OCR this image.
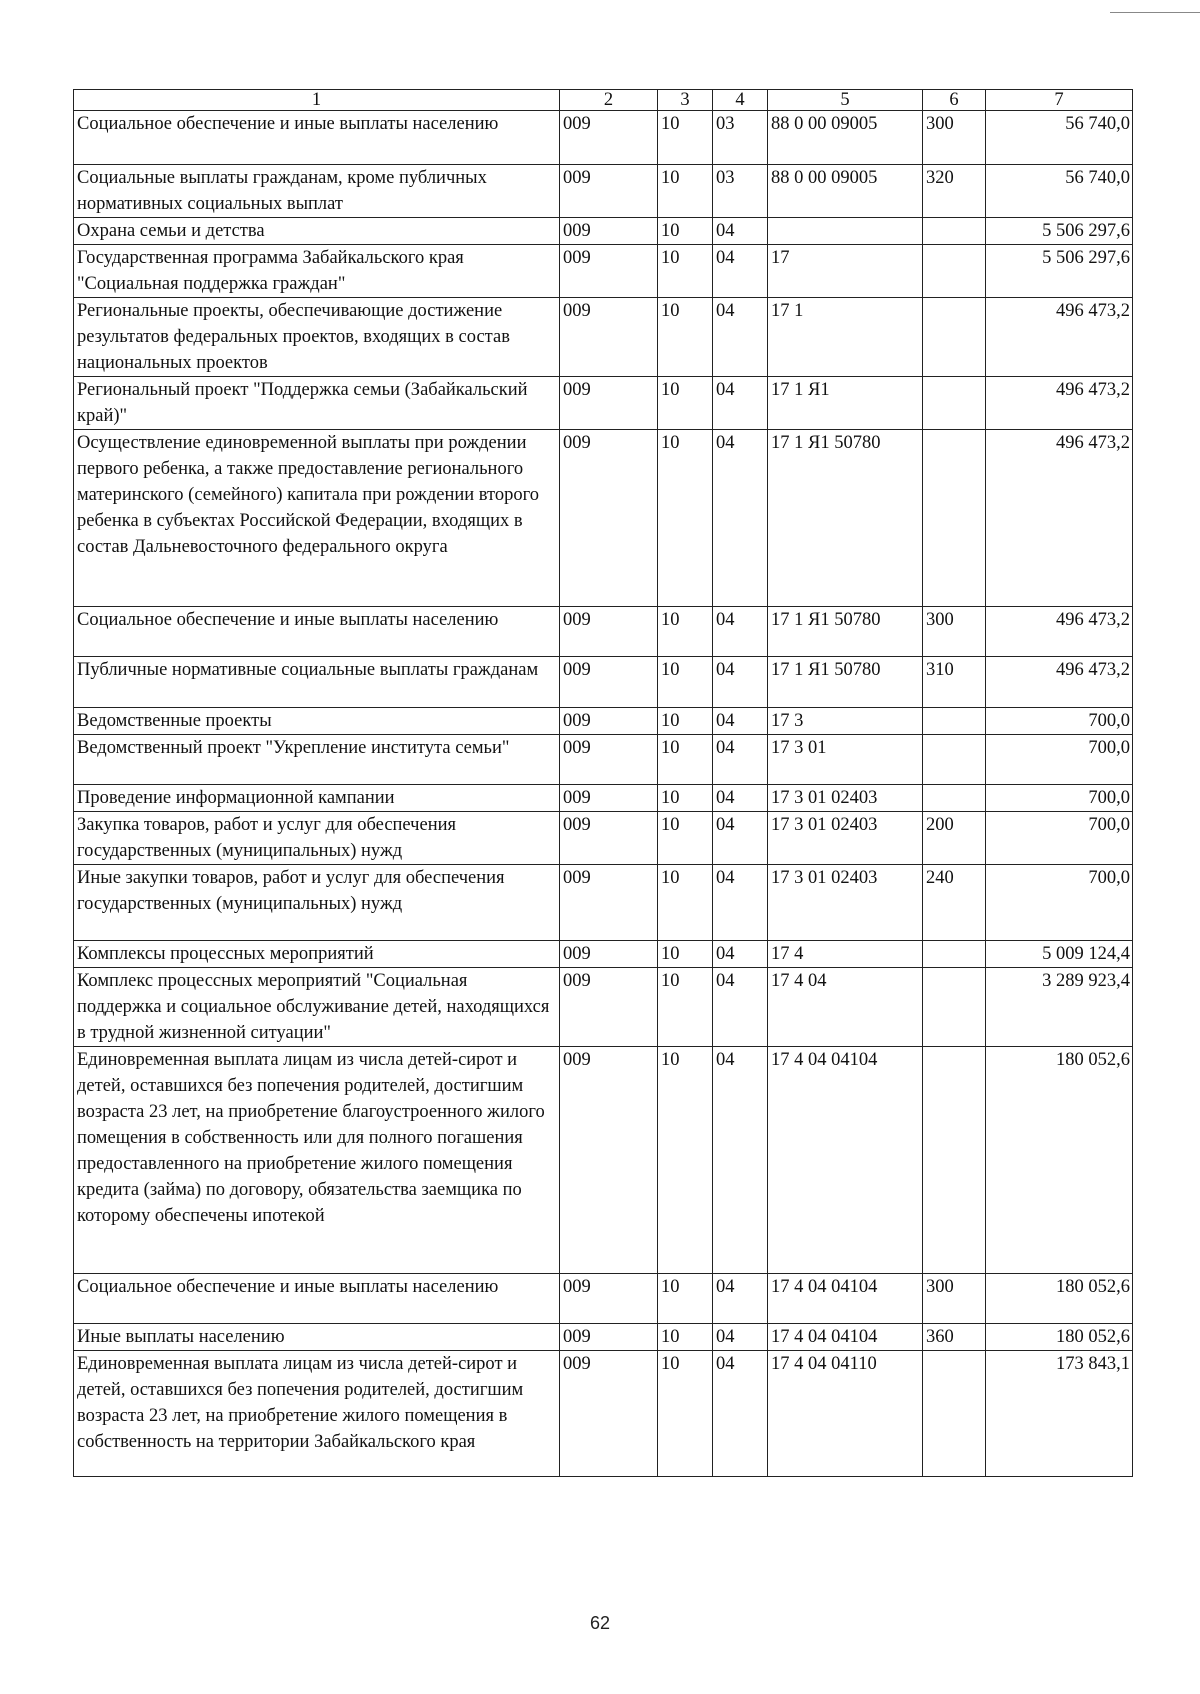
1	2	3	4	5	6	7
Социальное обеспечение и иные выплаты населению	009	10	03	88 0 00 09005	300	56 740,0
Социальные выплаты гражданам, кроме публичных нормативных социальных выплат	009	10	03	88 0 00 09005	320	56 740,0
Охрана семьи и детства	009	10	04			5 506 297,6
Государственная программа Забайкальского края "Социальная поддержка граждан"	009	10	04	17		5 506 297,6
Региональные проекты, обеспечивающие достижение результатов федеральных проектов, входящих в состав национальных проектов	009	10	04	17 1		496 473,2
Региональный проект "Поддержка семьи (Забайкальский край)"	009	10	04	17 1 Я1		496 473,2
Осуществление единовременной выплаты при рождении первого ребенка, а также предоставление регионального материнского (семейного) капитала при рождении второго ребенка в субъектах Российской Федерации, входящих в состав Дальневосточного федерального округа	009	10	04	17 1 Я1 50780		496 473,2
Социальное обеспечение и иные выплаты населению	009	10	04	17 1 Я1 50780	300	496 473,2
Публичные нормативные социальные выплаты гражданам	009	10	04	17 1 Я1 50780	310	496 473,2
Ведомственные проекты	009	10	04	17 3		700,0
Ведомственный проект "Укрепление института семьи"	009	10	04	17 3 01		700,0
Проведение информационной кампании	009	10	04	17 3 01 02403		700,0
Закупка товаров, работ и услуг для обеспечения государственных (муниципальных) нужд	009	10	04	17 3 01 02403	200	700,0
Иные закупки товаров, работ и услуг для обеспечения государственных (муниципальных) нужд	009	10	04	17 3 01 02403	240	700,0
Комплексы процессных мероприятий	009	10	04	17 4		5 009 124,4
Комплекс процессных мероприятий "Социальная поддержка и социальное обслуживание детей, находящихся в трудной жизненной ситуации"	009	10	04	17 4 04		3 289 923,4
Единовременная выплата лицам из числа детей-сирот и детей, оставшихся без попечения родителей, достигшим возраста 23 лет, на приобретение благоустроенного жилого помещения в собственность или для полного погашения предоставленного на приобретение жилого помещения кредита (займа) по договору, обязательства заемщика по которому обеспечены ипотекой	009	10	04	17 4 04 04104		180 052,6
Социальное обеспечение и иные выплаты населению	009	10	04	17 4 04 04104	300	180 052,6
Иные выплаты населению	009	10	04	17 4 04 04104	360	180 052,6
Единовременная выплата лицам из числа детей-сирот и детей, оставшихся без попечения родителей, достигшим возраста 23 лет, на приобретение жилого помещения в собственность на территории Забайкальского края	009	10	04	17 4 04 04110		173 843,1
62
